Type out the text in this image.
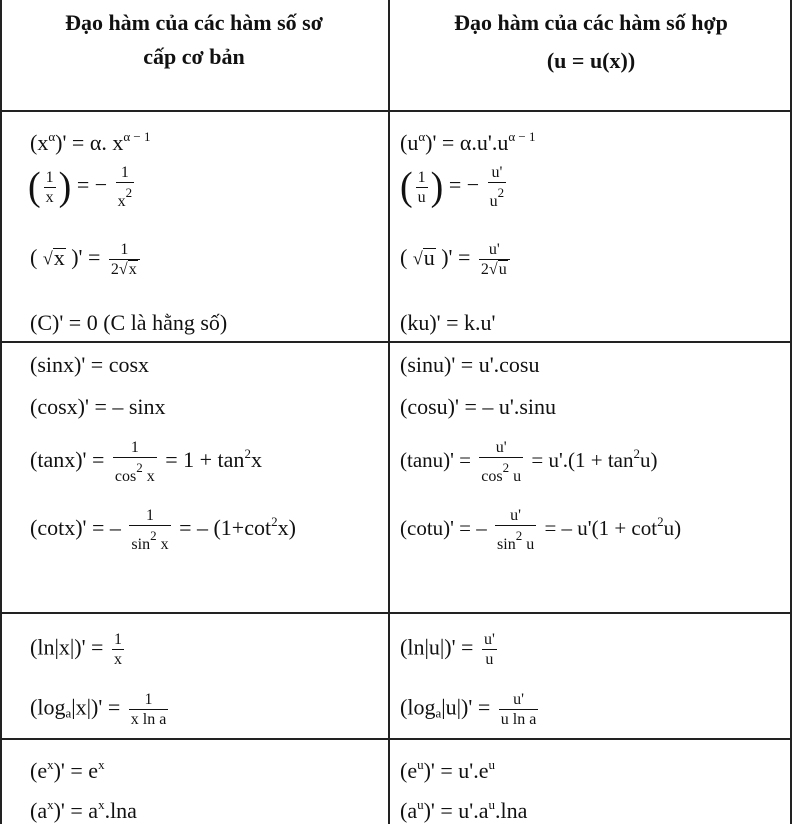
Đạo hàm của các hàm số sơ
cấp cơ bản
Đạo hàm của các hàm số hợp
(u = u(x))
$(x^\alpha)' = \alpha$. $x^{\alpha - 1}$
( $\frac{1}{x}$ ) = − $\frac{1}{x^2}$
( √x )' = $\frac{1}{2√x}$
(C)' = 0 (C là hằng số)
(sinx)' = cosx
(cosx)' = – sinx
$(\tan x)' = \frac{1}{\cos^2 x} = 1 + \tan^2x$
(cotx)' = – $\frac{1}{\sin^2 x}$ = – $(1+\cot^2x)$
$(\ln|x|)' = \frac{1}{x}$
$(\log_a|x|)' = \frac{1}{\text{x ln a}}$
$(e^x)' = e^x$
$(a^x)' = a^x.\ln a$
$(u^\alpha)' = \alpha.u'.u^{\alpha - 1}$
( $\frac{1}{u}$ ) = − $\frac{u'}{u^2}$
( √u )' = $\frac{u'}{2√u}$
(ku)' = k.u'
(sinu)' = u'.cosu
(cosu)' = – u'.sinu
$(\tan u)' = \frac{u'}{\cos^2 u} = u'.(1 + \tan^2u)$
(cotu)' = – $\frac{u'}{\sin^2 u}$ = – $u'(1 + \cot^2u)$
$(\ln|u|)' = \frac{u'}{u}$
$(\log_a|u|)' = \frac{u'}{\text{u ln a}}$
$(e^u)' = u'.e^u$
$(a^u)' = u'.a^u.\ln a$
